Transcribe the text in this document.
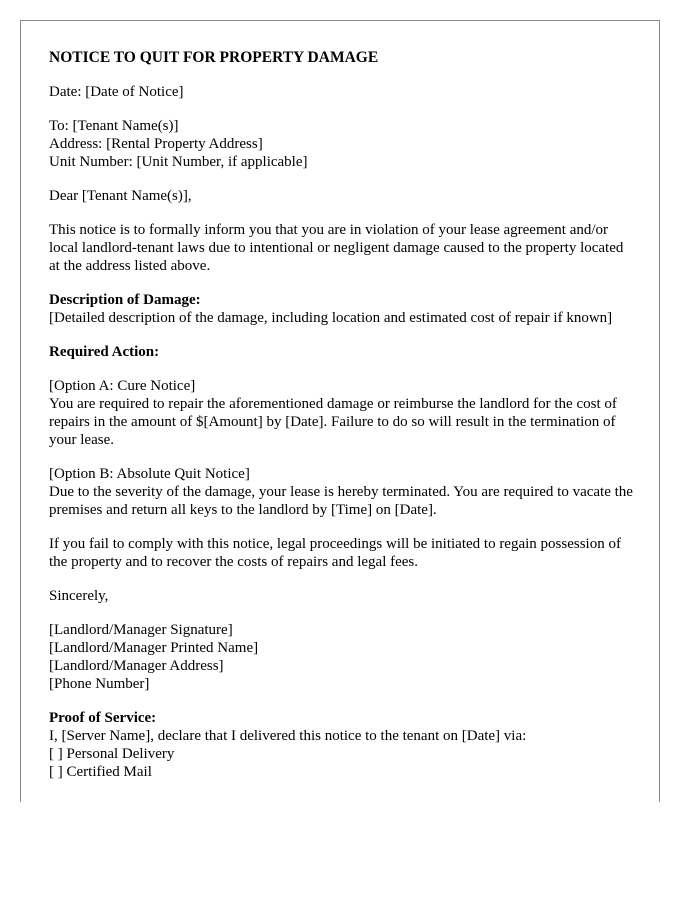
NOTICE TO QUIT FOR PROPERTY DAMAGE

Date: [Date of Notice]

To: [Tenant Name(s)]
Address: [Rental Property Address]
Unit Number: [Unit Number, if applicable]

Dear [Tenant Name(s)],

This notice is to formally inform you that you are in violation of your lease agreement and/or local landlord-tenant laws due to intentional or negligent damage caused to the property located at the address listed above.

Description of Damage:
[Detailed description of the damage, including location and estimated cost of repair if known]

Required Action:

[Option A: Cure Notice]
You are required to repair the aforementioned damage or reimburse the landlord for the cost of repairs in the amount of $[Amount] by [Date]. Failure to do so will result in the termination of your lease.

[Option B: Absolute Quit Notice]
Due to the severity of the damage, your lease is hereby terminated. You are required to vacate the premises and return all keys to the landlord by [Time] on [Date].

If you fail to comply with this notice, legal proceedings will be initiated to regain possession of the property and to recover the costs of repairs and legal fees.

Sincerely,

[Landlord/Manager Signature]
[Landlord/Manager Printed Name]
[Landlord/Manager Address]
[Phone Number]

Proof of Service:
I, [Server Name], declare that I delivered this notice to the tenant on [Date] via:
[ ] Personal Delivery
[ ] Certified Mail
